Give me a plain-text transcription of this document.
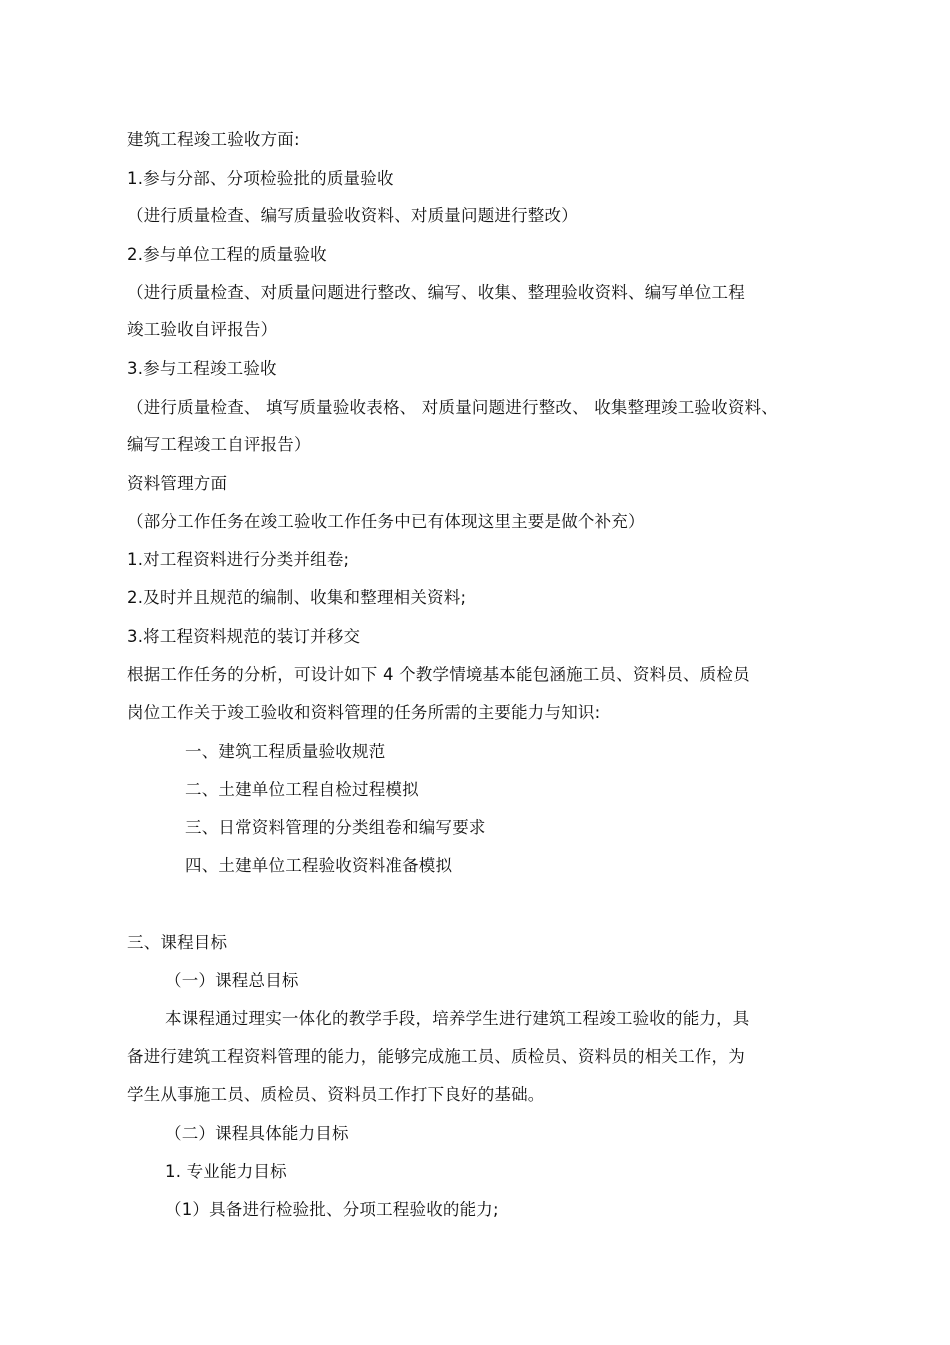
建筑工程竣工验收方面:
1.参与分部、分项检验批的质量验收
（进行质量检查、编写质量验收资料、对质量问题进行整改）
2.参与单位工程的质量验收
（进行质量检查、对质量问题进行整改、编写、收集、整理验收资料、编写单位工程
竣工验收自评报告）
3.参与工程竣工验收
（进行质量检查、 填写质量验收表格、 对质量问题进行整改、 收集整理竣工验收资料、
编写工程竣工自评报告）
资料管理方面
（部分工作任务在竣工验收工作任务中已有体现这里主要是做个补充）
1.对工程资料进行分类并组卷;
2.及时并且规范的编制、收集和整理相关资料;
3.将工程资料规范的装订并移交
根据工作任务的分析，可设计如下 4 个教学情境基本能包涵施工员、资料员、质检员
岗位工作关于竣工验收和资料管理的任务所需的主要能力与知识:
一、建筑工程质量验收规范
二、土建单位工程自检过程模拟
三、日常资料管理的分类组卷和编写要求
四、土建单位工程验收资料准备模拟
三、课程目标
（一）课程总目标
本课程通过理实一体化的教学手段，培养学生进行建筑工程竣工验收的能力，具
备进行建筑工程资料管理的能力，能够完成施工员、质检员、资料员的相关工作，为
学生从事施工员、质检员、资料员工作打下良好的基础。
（二）课程具体能力目标
1. 专业能力目标
（1）具备进行检验批、分项工程验收的能力;
